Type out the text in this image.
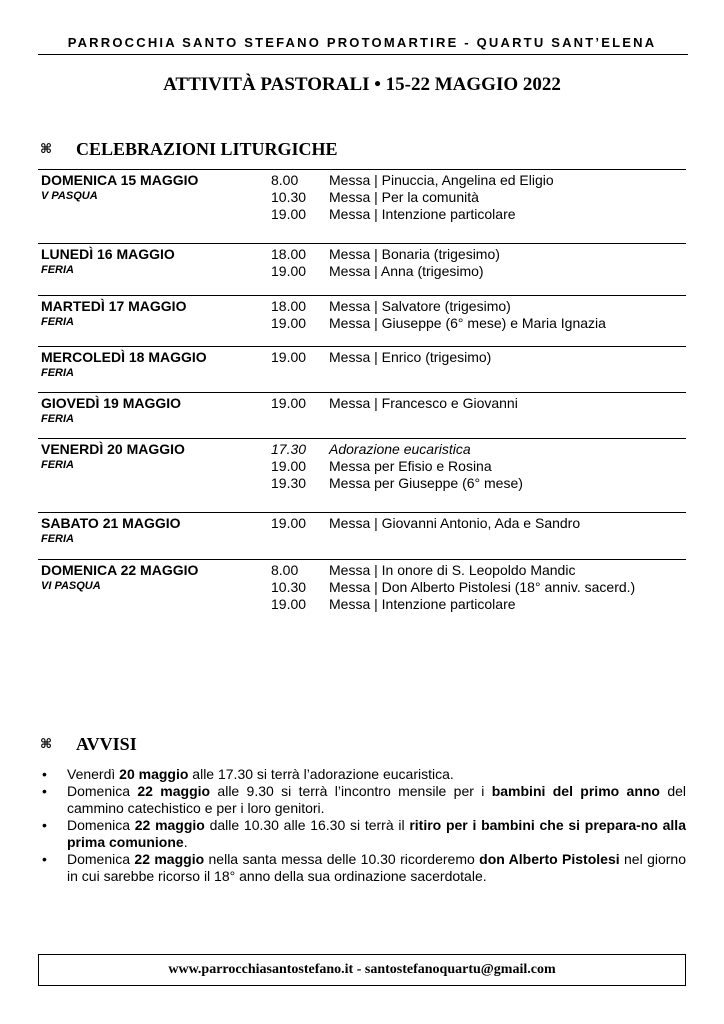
PARROCCHIA SANTO STEFANO PROTOMARTIRE - QUARTU SANT’ELENA
ATTIVITÀ PASTORALI • 15-22 MAGGIO 2022
⌘	CELEBRAZIONI LITURGICHE
DOMENICA 15 MAGGIO
V PASQUA
8.00	Messa | Pinuccia, Angelina ed Eligio
10.30	Messa | Per la comunità
19.00	Messa | Intenzione particolare
LUNEDÌ 16 MAGGIO
FERIA
18.00	Messa | Bonaria (trigesimo)
19.00	Messa | Anna (trigesimo)
MARTEDÌ 17 MAGGIO
FERIA
18.00	Messa | Salvatore (trigesimo)
19.00	Messa | Giuseppe (6° mese) e Maria Ignazia
MERCOLEDÌ 18 MAGGIO
FERIA
19.00	Messa | Enrico (trigesimo)
GIOVEDÌ 19 MAGGIO
FERIA
19.00	Messa | Francesco e Giovanni
VENERDÌ 20 MAGGIO
FERIA
17.30	Adorazione eucaristica
19.00	Messa per Efisio e Rosina
19.30	Messa per Giuseppe (6° mese)
SABATO 21 MAGGIO
FERIA
19.00	Messa | Giovanni Antonio, Ada e Sandro
DOMENICA 22 MAGGIO
VI PASQUA
8.00	Messa | In onore di S. Leopoldo Mandic
10.30	Messa | Don Alberto Pistolesi (18° anniv. sacerd.)
19.00	Messa | Intenzione particolare
⌘	AVVISI
• Venerdì 20 maggio alle 17.30 si terrà l’adorazione eucaristica.
• Domenica 22 maggio alle 9.30 si terrà l’incontro mensile per i bambini del primo anno del cammino catechistico e per i loro genitori.
• Domenica 22 maggio dalle 10.30 alle 16.30 si terrà il ritiro per i bambini che si prepara-no alla prima comunione.
• Domenica 22 maggio nella santa messa delle 10.30 ricorderemo don Alberto Pistolesi nel giorno in cui sarebbe ricorso il 18° anno della sua ordinazione sacerdotale.
www.parrocchiasantostefano.it - santostefanoquartu@gmail.com
